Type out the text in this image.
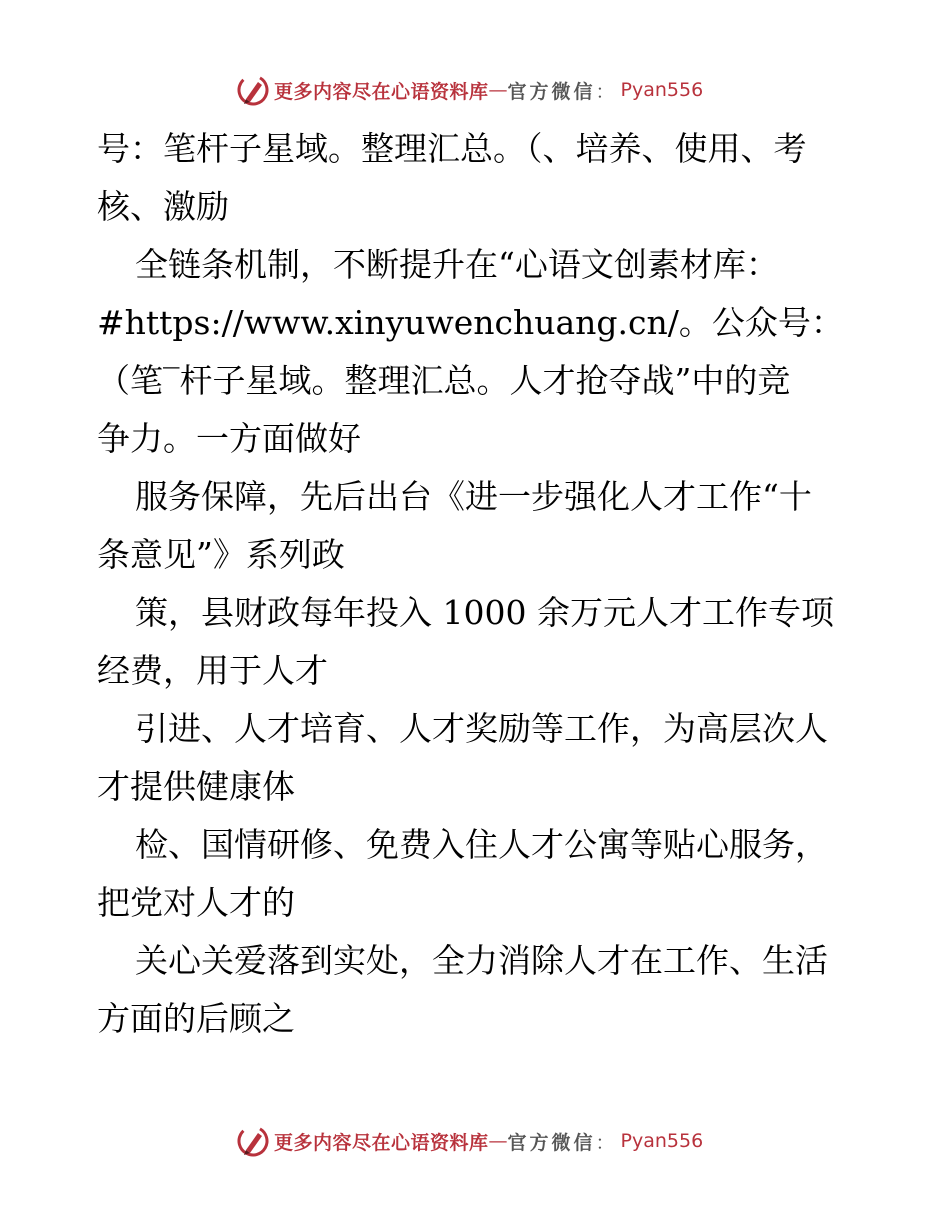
更多内容尽在心语资料库 — 官方微信 ： Pyan556
号：笔杆子星域。整理汇总。（、培养、使用、考
核、激励
全链条机制，不断提升在“心语文创素材库：
#https://www.xinyuwenchuang.cn/。公众号：
（笔‾杆子星域。整理汇总。人才抢夺战”中的竞
争力。一方面做好
服务保障，先后出台《进一步强化人才工作“十
条意见”》系列政
策，县财政每年投入 1000 余万元人才工作专项
经费，用于人才
引进、人才培育、人才奖励等工作，为高层次人
才提供健康体
检、国情研修、免费入住人才公寓等贴心服务，
把党对人才的
关心关爱落到实处，全力消除人才在工作、生活
方面的后顾之
更多内容尽在心语资料库 — 官方微信 ： Pyan556
